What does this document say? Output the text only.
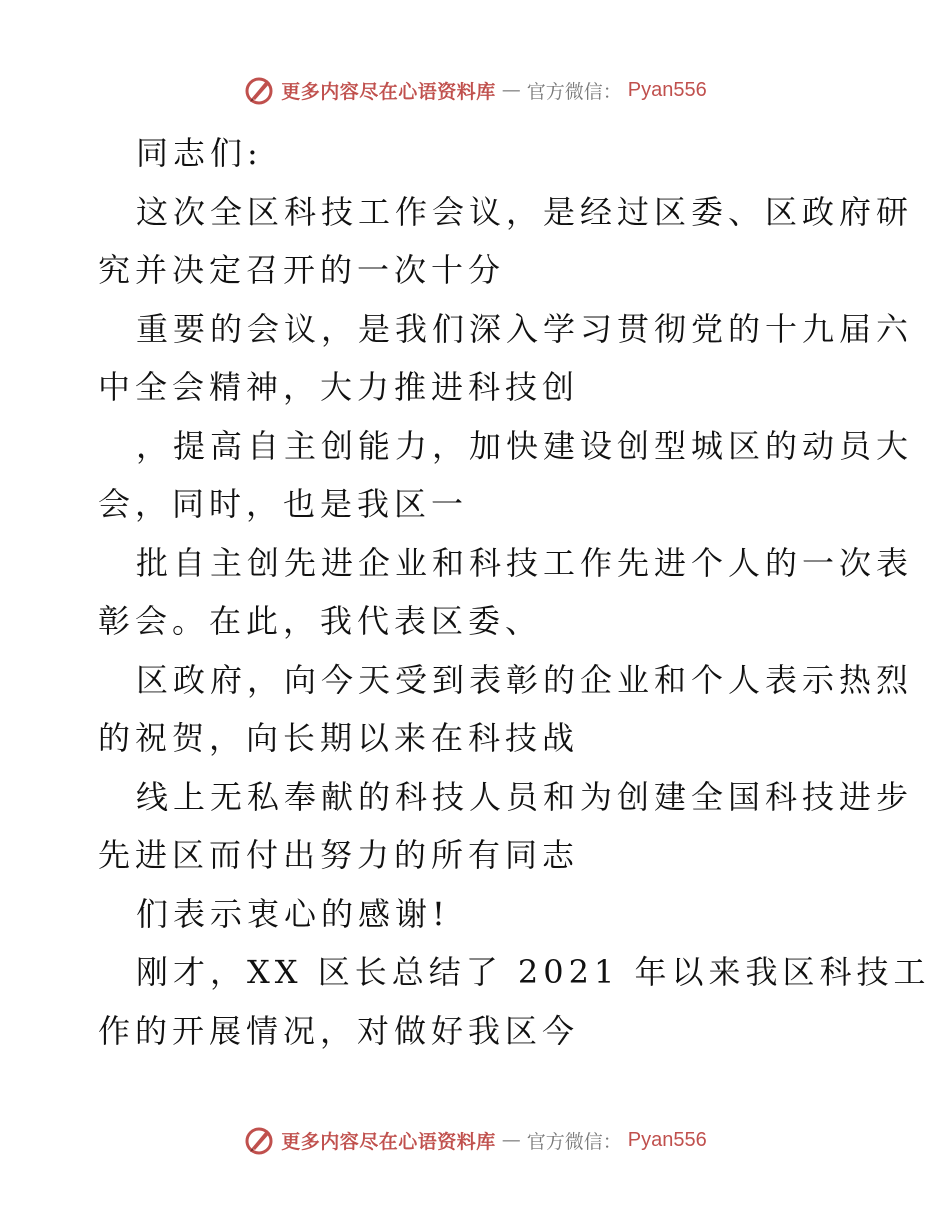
更多内容尽在心语资料库 — 官方微信： Pyan556
同志们:
这次全区科技工作会议，是经过区委、区政府研
究并决定召开的一次十分
重要的会议，是我们深入学习贯彻党的十九届六
中全会精神，大力推进科技创
，提高自主创能力，加快建设创型城区的动员大
会，同时，也是我区一
批自主创先进企业和科技工作先进个人的一次表
彰会。在此，我代表区委、
区政府，向今天受到表彰的企业和个人表示热烈
的祝贺，向长期以来在科技战
线上无私奉献的科技人员和为创建全国科技进步
先进区而付出努力的所有同志
们表示衷心的感谢!
刚才，XX 区长总结了 2021 年以来我区科技工
作的开展情况，对做好我区今
更多内容尽在心语资料库 — 官方微信： Pyan556
